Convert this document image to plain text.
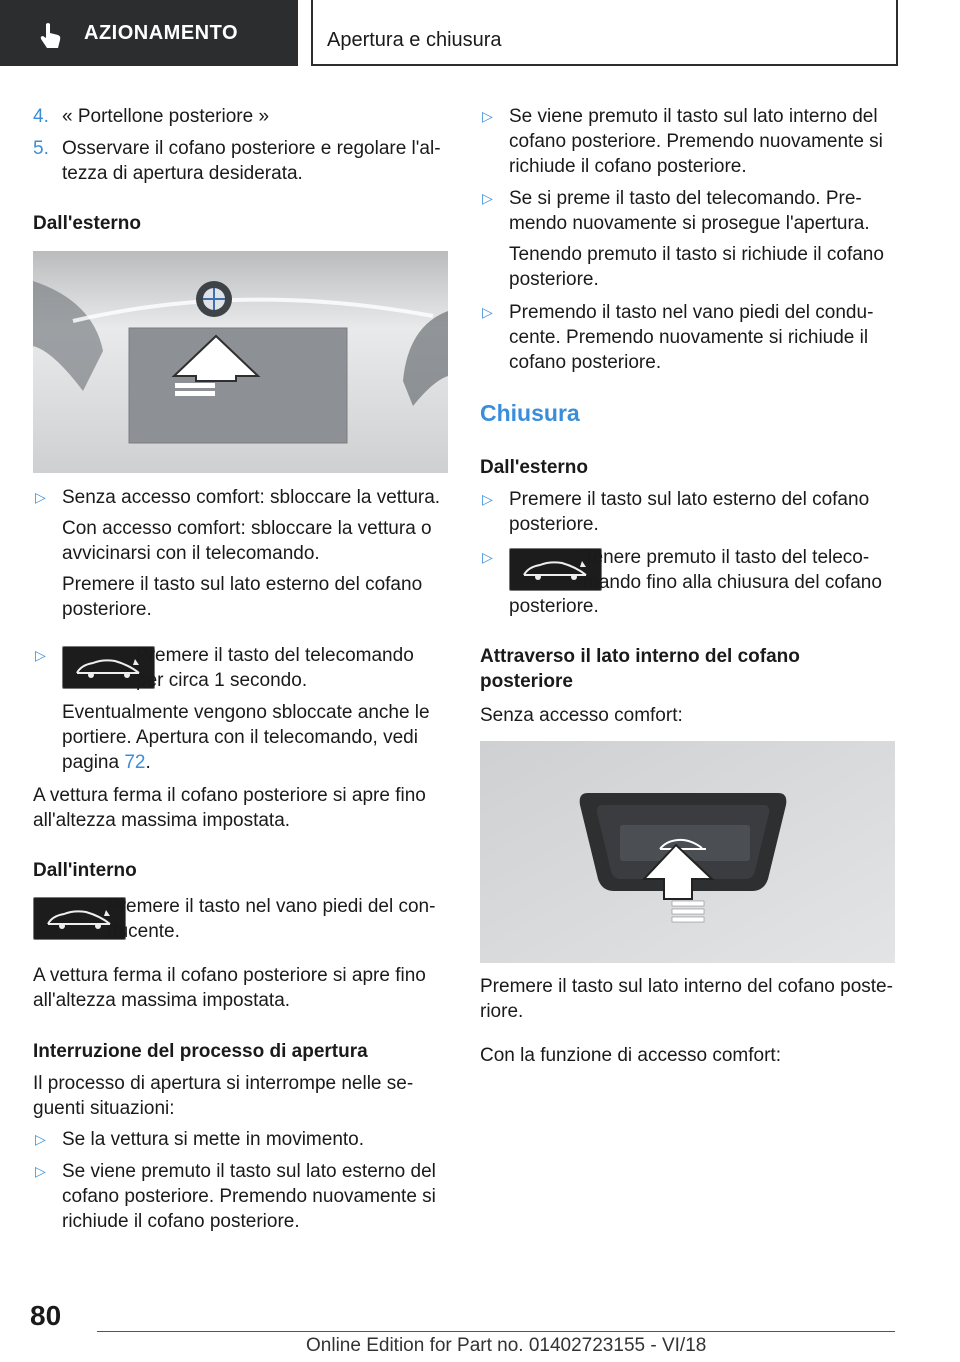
AZIONAMENTO	Apertura e chiusura
4. « Portellone posteriore »
5. Osservare il cofano posteriore e regolare l'al-
tezza di apertura desiderata.
Dall'esterno
▷ Senza accesso comfort: sbloccare la vettura.
Con accesso comfort: sbloccare la vettura o
avvicinarsi con il telecomando.
Premere il tasto sul lato esterno del cofano
posteriore.
▷	Premere il tasto del telecomando
per circa 1 secondo.
Eventualmente vengono sbloccate anche le
portiere. Apertura con il telecomando, vedi
pagina 72.
A vettura ferma il cofano posteriore si apre fino
all'altezza massima impostata.
Dall'interno
Premere il tasto nel vano piedi del con-
ducente.
A vettura ferma il cofano posteriore si apre fino
all'altezza massima impostata.
Interruzione del processo di apertura
Il processo di apertura si interrompe nelle se-
guenti situazioni:
▷ Se la vettura si mette in movimento.
▷ Se viene premuto il tasto sul lato esterno del
cofano posteriore. Premendo nuovamente si
richiude il cofano posteriore.
▷ Se viene premuto il tasto sul lato interno del
cofano posteriore. Premendo nuovamente si
richiude il cofano posteriore.
▷ Se si preme il tasto del telecomando. Pre-
mendo nuovamente si prosegue l'apertura.
Tenendo premuto il tasto si richiude il cofano
posteriore.
▷ Premendo il tasto nel vano piedi del condu-
cente. Premendo nuovamente si richiude il
cofano posteriore.
Chiusura
Dall'esterno
▷ Premere il tasto sul lato esterno del cofano
posteriore.
▷	Tenere premuto il tasto del teleco-
mando fino alla chiusura del cofano
posteriore.
Attraverso il lato interno del cofano
posteriore
Senza accesso comfort:
Premere il tasto sul lato interno del cofano poste-
riore.
Con la funzione di accesso comfort:
80
Online Edition for Part no. 01402723155 - VI/18
